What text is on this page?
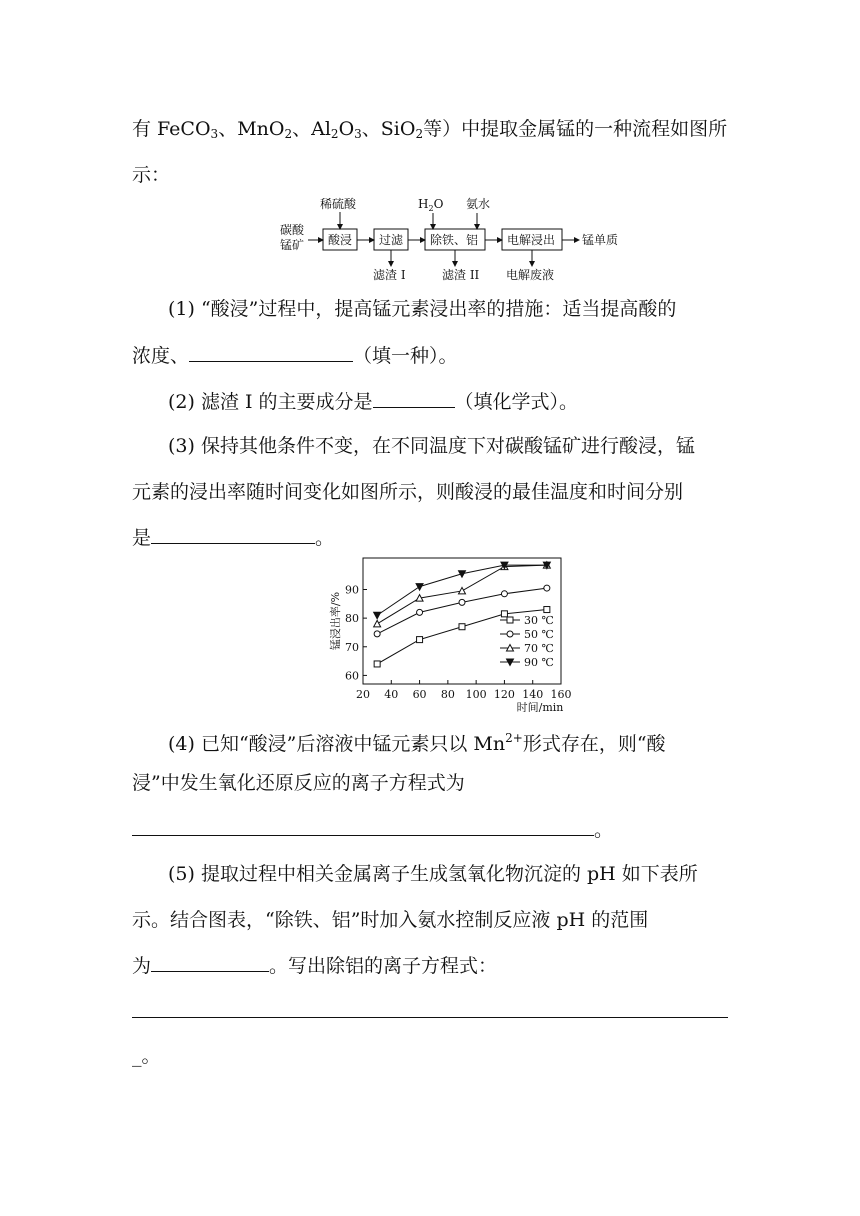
有 FeCO$_3$、MnO$_2$、$Al_2O_3$、SiO$_2$等）中提取金属锰的一种流程如图所
示：
碳酸
锰矿
稀硫酸	$H_2O$ 氨水
酸浸 过滤 除铁、铝 电解浸出 锰单质
滤渣 I	滤渣 II 电解废液
(1) “酸浸”过程中，提高锰元素浸出率的措施：适当提高酸的
浓度、	（填一种）。
(2) 滤渣 I 的主要成分是	（填化学式）。
(3) 保持其他条件不变，在不同温度下对碳酸锰矿进行酸浸，锰
元素的浸出率随时间变化如图所示，则酸浸的最佳温度和时间分别
是	。
20 40 60 80 100 120 140 160
60
70
80
90
时间/min
锰浸出率/%	30 ℃
50 ℃
70 ℃
90 ℃
(4) 已知“酸浸”后溶液中锰元素只以 $Mn^{2+}$形式存在，则“酸
浸”中发生氧化还原反应的离子方程式为
。
(5) 提取过程中相关金属离子生成氢氧化物沉淀的 pH 如下表所
示。结合图表，“除铁、铝”时加入氨水控制反应液 pH 的范围
为	。写出除铝的离子方程式：
_。
